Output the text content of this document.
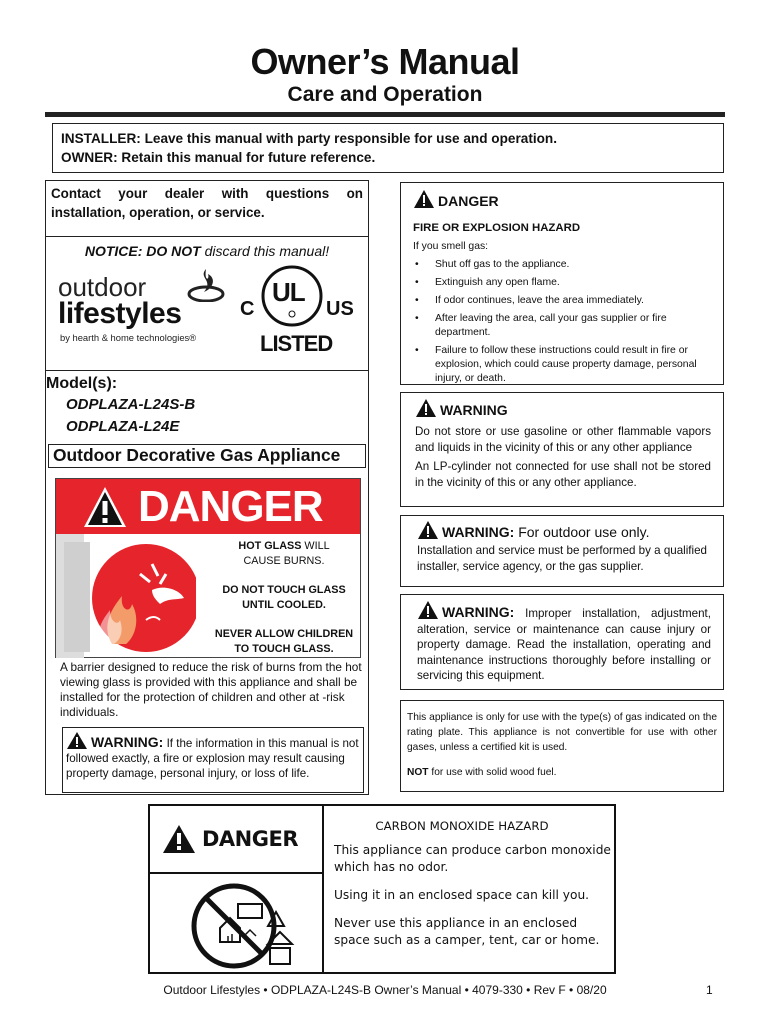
Owner’s Manual
Care and Operation
INSTALLER: Leave this manual with party responsible for use and operation.
OWNER: Retain this manual for future reference.
Contact your dealer with questions on installation, operation, or service.
NOTICE: DO NOT discard this manual!
outdoor
lifestyles
by hearth & home technologies®
C
UL
US
LISTED
Model(s):
ODPLAZA-L24S-B
ODPLAZA-L24E
Outdoor Decorative Gas Appliance
DANGER
HOT GLASS WILL
CAUSE BURNS.
DO NOT TOUCH GLASS
UNTIL COOLED.
NEVER ALLOW CHILDREN
TO TOUCH GLASS.
A barrier designed to reduce the risk of burns from the hot viewing glass is provided with this appliance and shall be installed for the protection of children and other at -risk individuals.
WARNING: If the information in this manual is not followed exactly, a fire or explosion may result causing property damage, personal injury, or loss of life.
DANGER
FIRE OR EXPLOSION HAZARD
If you smell gas:
• Shut off gas to the appliance.
• Extinguish any open flame.
• If odor continues, leave the area immediately.
• After leaving the area, call your gas supplier or fire department.
• Failure to follow these instructions could result in fire or explosion, which could cause property damage, personal injury, or death.
WARNING
Do not store or use gasoline or other flammable vapors and liquids in the vicinity of this or any other appliance
An LP-cylinder not connected for use shall not be stored in the vicinity of this or any other appliance.
WARNING: For outdoor use only.
Installation and service must be performed by a qualified installer, service agency, or the gas supplier.
WARNING: Improper installation, adjustment, alteration, service or maintenance can cause injury or property damage. Read the installation, operating and maintenance instructions thoroughly before installing or servicing this equipment.
This appliance is only for use with the type(s) of gas indicated on the rating plate. This appliance is not convertible for use with other gases, unless a certified kit is used.
NOT for use with solid wood fuel.
DANGER
CARBON MONOXIDE HAZARD
This appliance can produce carbon monoxide which has no odor.
Using it in an enclosed space can kill you.
Never use this appliance in an enclosed space such as a camper, tent, car or home.
Outdoor Lifestyles • ODPLAZA-L24S-B Owner’s Manual • 4079-330 • Rev F • 08/20	1
